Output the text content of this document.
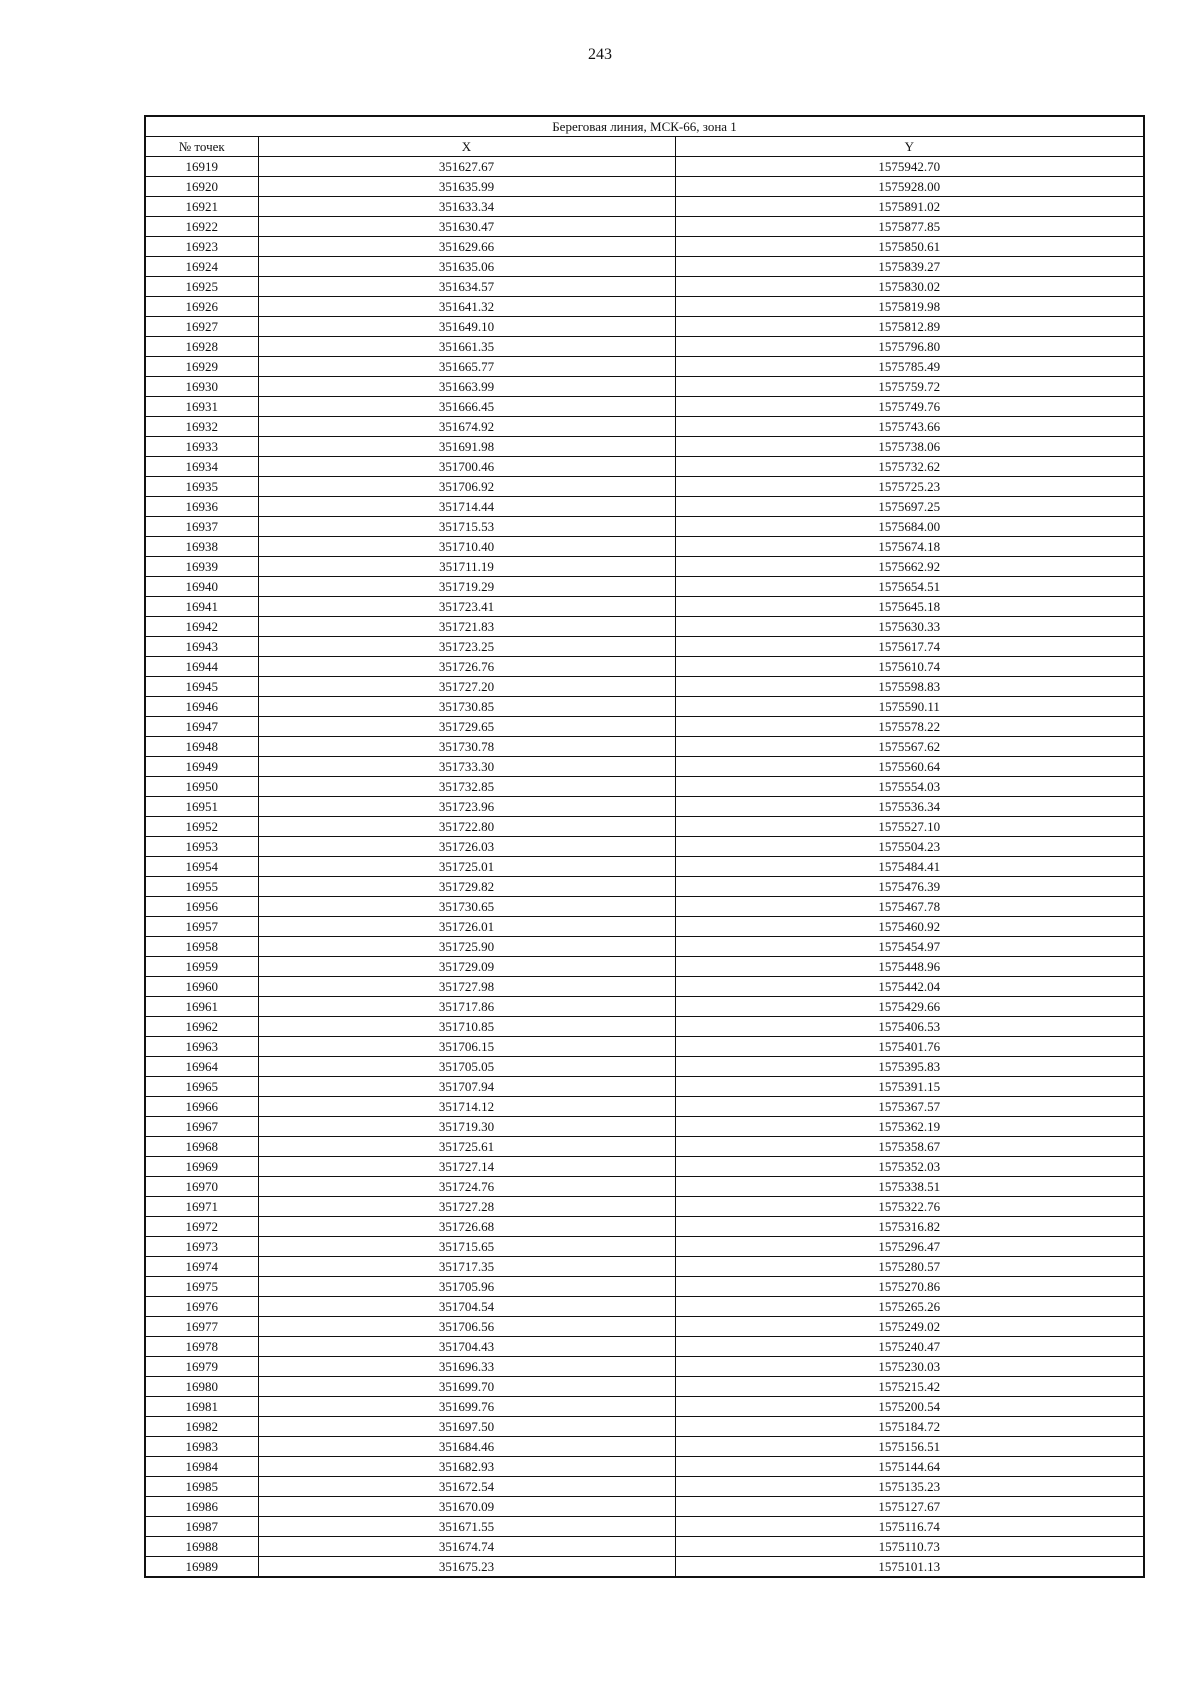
243
Береговая линия, МСК-66, зона 1		
№ точек	X	Y
16919	351627.67	1575942.70
16920	351635.99	1575928.00
16921	351633.34	1575891.02
16922	351630.47	1575877.85
16923	351629.66	1575850.61
16924	351635.06	1575839.27
16925	351634.57	1575830.02
16926	351641.32	1575819.98
16927	351649.10	1575812.89
16928	351661.35	1575796.80
16929	351665.77	1575785.49
16930	351663.99	1575759.72
16931	351666.45	1575749.76
16932	351674.92	1575743.66
16933	351691.98	1575738.06
16934	351700.46	1575732.62
16935	351706.92	1575725.23
16936	351714.44	1575697.25
16937	351715.53	1575684.00
16938	351710.40	1575674.18
16939	351711.19	1575662.92
16940	351719.29	1575654.51
16941	351723.41	1575645.18
16942	351721.83	1575630.33
16943	351723.25	1575617.74
16944	351726.76	1575610.74
16945	351727.20	1575598.83
16946	351730.85	1575590.11
16947	351729.65	1575578.22
16948	351730.78	1575567.62
16949	351733.30	1575560.64
16950	351732.85	1575554.03
16951	351723.96	1575536.34
16952	351722.80	1575527.10
16953	351726.03	1575504.23
16954	351725.01	1575484.41
16955	351729.82	1575476.39
16956	351730.65	1575467.78
16957	351726.01	1575460.92
16958	351725.90	1575454.97
16959	351729.09	1575448.96
16960	351727.98	1575442.04
16961	351717.86	1575429.66
16962	351710.85	1575406.53
16963	351706.15	1575401.76
16964	351705.05	1575395.83
16965	351707.94	1575391.15
16966	351714.12	1575367.57
16967	351719.30	1575362.19
16968	351725.61	1575358.67
16969	351727.14	1575352.03
16970	351724.76	1575338.51
16971	351727.28	1575322.76
16972	351726.68	1575316.82
16973	351715.65	1575296.47
16974	351717.35	1575280.57
16975	351705.96	1575270.86
16976	351704.54	1575265.26
16977	351706.56	1575249.02
16978	351704.43	1575240.47
16979	351696.33	1575230.03
16980	351699.70	1575215.42
16981	351699.76	1575200.54
16982	351697.50	1575184.72
16983	351684.46	1575156.51
16984	351682.93	1575144.64
16985	351672.54	1575135.23
16986	351670.09	1575127.67
16987	351671.55	1575116.74
16988	351674.74	1575110.73
16989	351675.23	1575101.13
